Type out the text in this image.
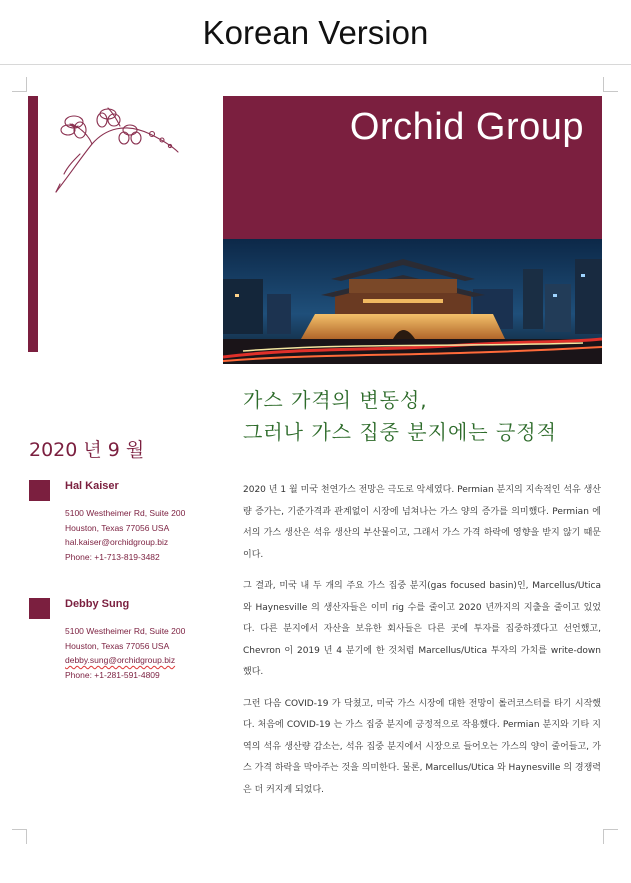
Korean Version
Orchid Group
가스 가격의 변동성,
그러나 가스 집중 분지에는 긍정적
2020 년 9 월
Hal Kaiser
5100 Westheimer Rd, Suite 200
Houston, Texas 77056 USA
hal.kaiser@orchidgroup.biz
Phone: +1-713-819-3482
Debby Sung
5100 Westheimer Rd, Suite 200
Houston, Texas 77056 USA
debby.sung@orchidgroup.biz
Phone: +1-281-591-4809

2020 년 1 월 미국 천연가스 전망은 극도로 악세였다. Permian 분지의 지속적인 석유 생산량 증가는, 기준가격과 관계없이 시장에 넘쳐나는 가스 양의 증가를 의미했다. Permian 에서의 가스 생산은 석유 생산의 부산물이고, 그래서 가스 가격 하락에 영향을 받지 않기 때문이다.

그 결과, 미국 내 두 개의 주요 가스 집중 분지(gas focused basin)인, Marcellus/Utica 와 Haynesville 의 생산자들은 이미 rig 수를 줄이고 2020 년까지의 지출을 줄이고 있었다. 다른 분지에서 자산을 보유한 회사들은 다른 곳에 투자를 집중하겠다고 선언했고, Chevron 이 2019 년 4 분기에 한 것처럼 Marcellus/Utica 투자의 가치를 write-down 했다.

그런 다음 COVID-19 가 닥쳤고, 미국 가스 시장에 대한 전망이 롤러코스터를 타기 시작했다. 처음에 COVID-19 는 가스 집중 분지에 긍정적으로 작용했다. Permian 분지와 기타 지역의 석유 생산량 감소는, 석유 집중 분지에서 시장으로 들어오는 가스의 양이 줄어들고, 가스 가격 하락을 막아주는 것을 의미한다. 물론, Marcellus/Utica 와 Haynesville 의 경쟁력은 더 커지게 되었다.
